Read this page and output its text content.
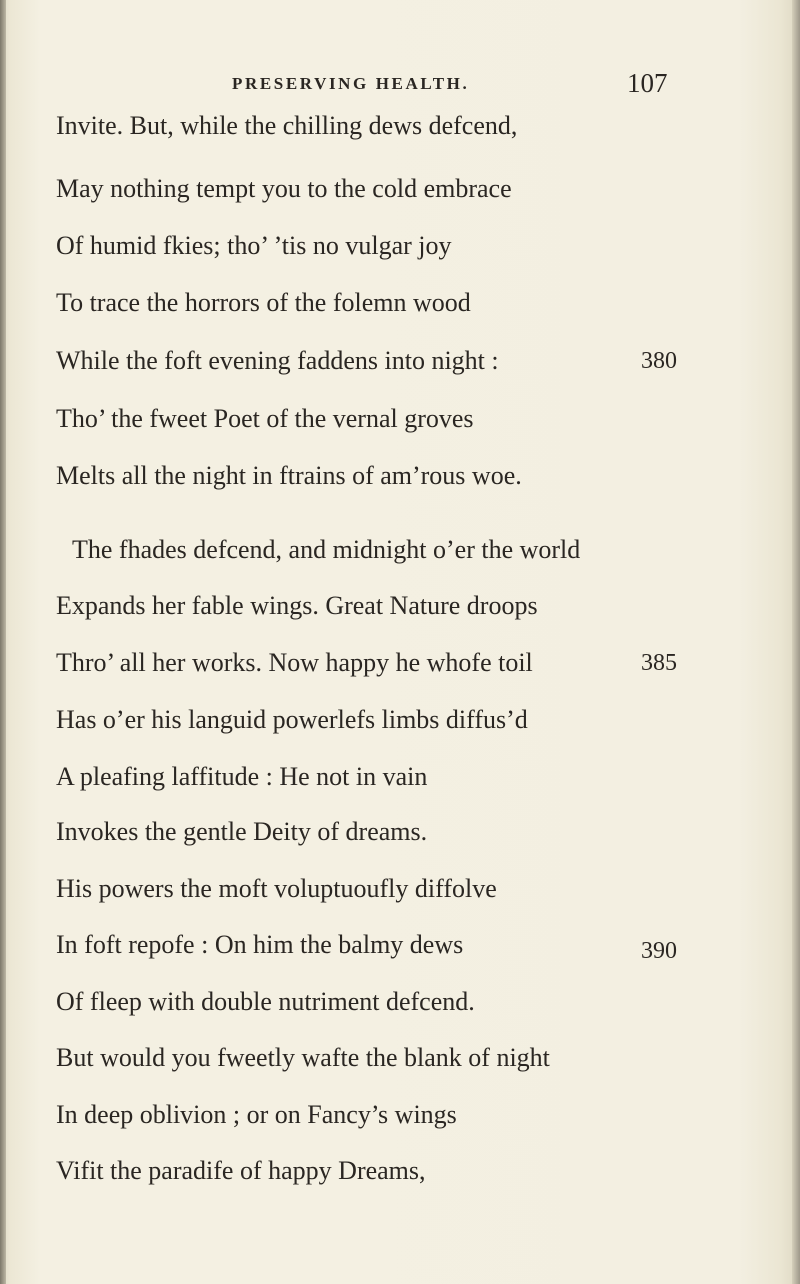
PRESERVING HEALTH.	107
Invite. But, while the chilling dews defcend,
May nothing tempt you to the cold embrace
Of humid fkies; tho’ ’tis no vulgar joy
To trace the horrors of the folemn wood
While the foft evening faddens into night :	380
Tho’ the fweet Poet of the vernal groves
Melts all the night in ftrains of am’rous woe.
The fhades defcend, and midnight o’er the world
Expands her fable wings. Great Nature droops
Thro’ all her works. Now happy he whofe toil	385
Has o’er his languid powerlefs limbs diffus’d
A pleafing laffitude : He not in vain
Invokes the gentle Deity of dreams.
His powers the moft voluptuoufly diffolve
In foft repofe : On him the balmy dews	390
Of fleep with double nutriment defcend.
But would you fweetly wafte the blank of night
In deep oblivion ; or on Fancy’s wings
Vifit the paradife of happy Dreams,
